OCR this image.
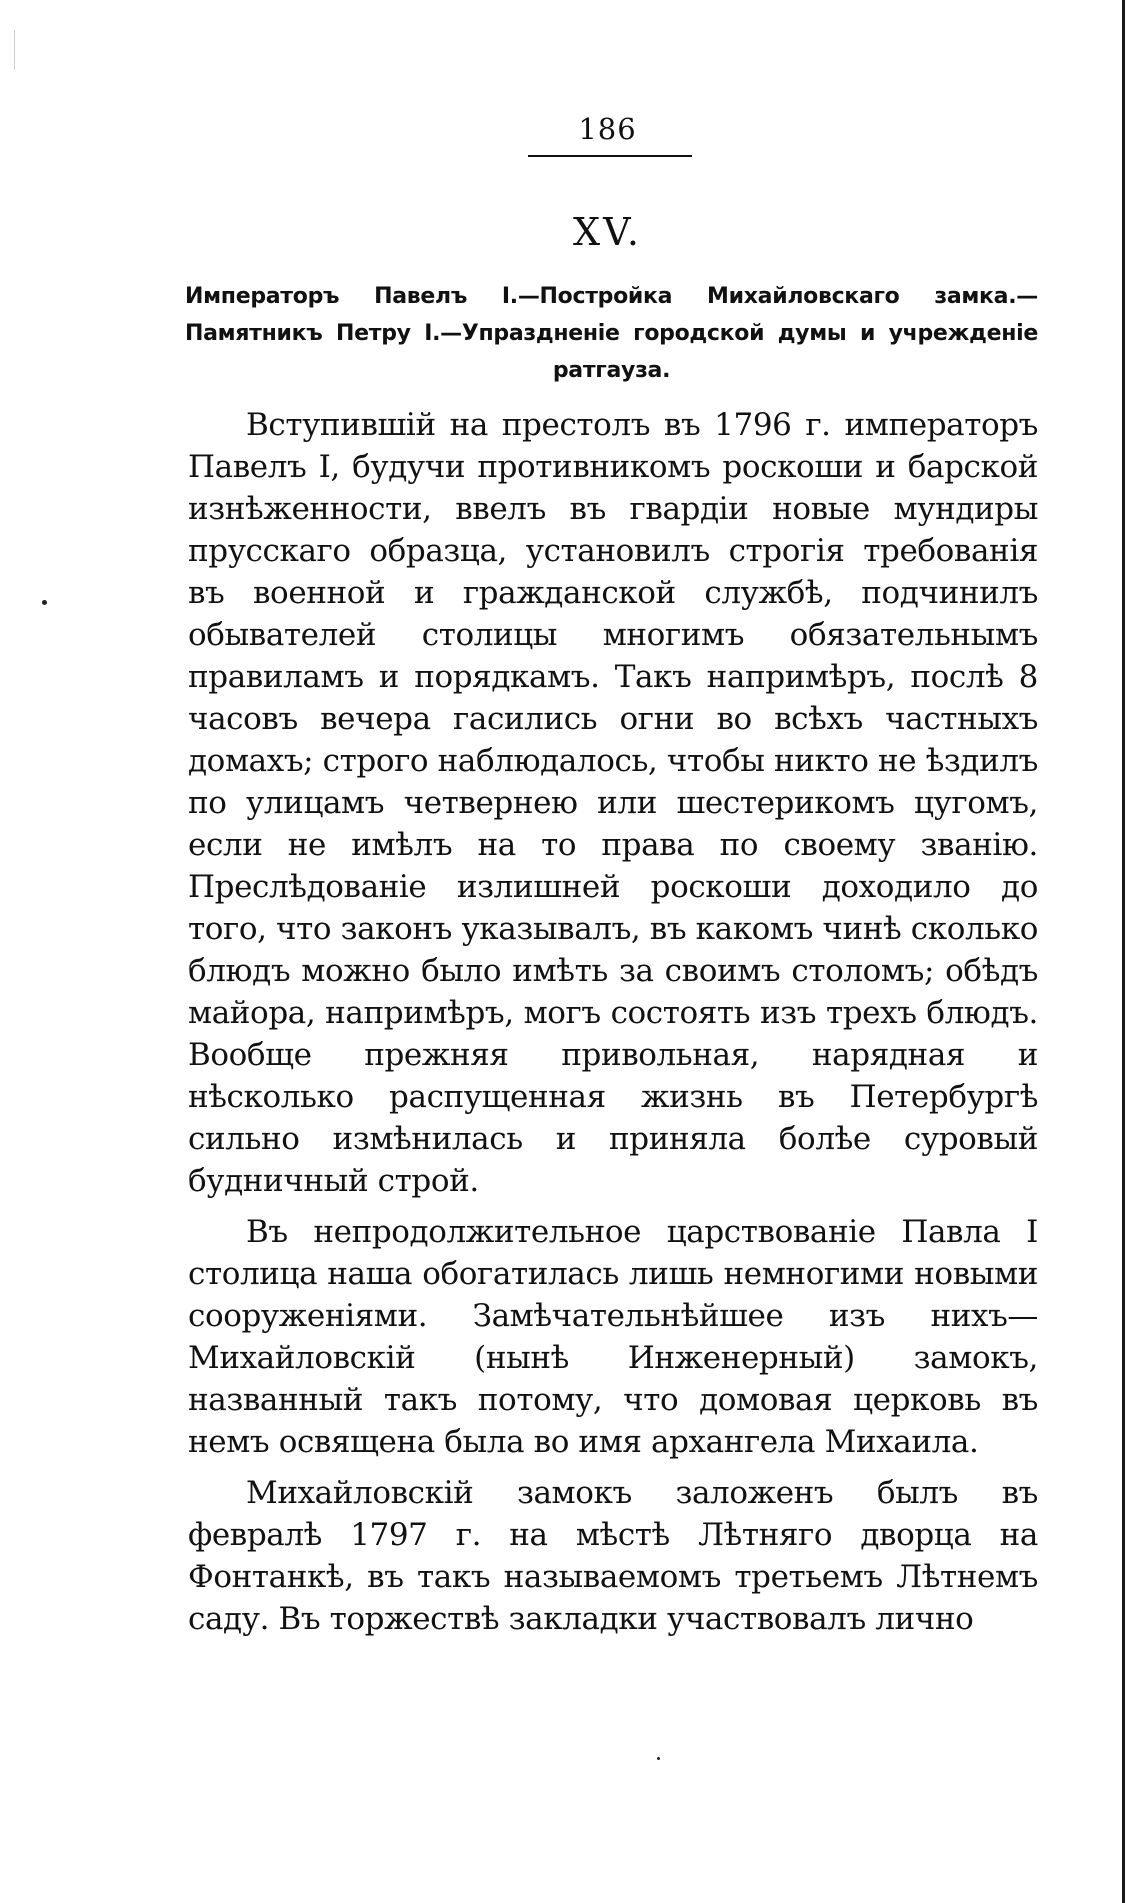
186
XV.
Императоръ Павелъ I.—Постройка Михайловскаго замка.—Памятникъ Петру I.—Упраздненіе городской думы и учрежденіе ратгауза.

Вступившій на престолъ въ 1796 г. императоръ Павелъ I, будучи противникомъ роскоши и барской изнѣженности, ввелъ въ гвардіи новые мундиры прусскаго образца, установилъ строгія требованія въ военной и гражданской службѣ, подчинилъ обывателей столицы многимъ обязательнымъ правиламъ и порядкамъ. Такъ напримѣръ, послѣ 8 часовъ вечера гасились огни во всѣхъ частныхъ домахъ; строго наблюдалось, чтобы никто не ѣздилъ по улицамъ четвернею или шестерикомъ цугомъ, если не имѣлъ на то права по своему званію. Преслѣдованіе излишней роскоши доходило до того, что законъ указывалъ, въ какомъ чинѣ сколько блюдъ можно было имѣть за своимъ столомъ; обѣдъ майора, напримѣръ, могъ состоять изъ трехъ блюдъ. Вообще прежняя привольная, нарядная и нѣсколько распущенная жизнь въ Петербургѣ сильно измѣнилась и приняла болѣе суровый будничный строй.

Въ непродолжительное царствованіе Павла I столица наша обогатилась лишь немногими новыми сооруженіями. Замѣчательнѣйшее изъ нихъ—Михайловскій (нынѣ Инженерный) замокъ, названный такъ потому, что домовая церковь въ немъ освящена была во имя архангела Михаила.

Михайловскій замокъ заложенъ былъ въ февралѣ 1797 г. на мѣстѣ Лѣтняго дворца на Фонтанкѣ, въ такъ называемомъ третьемъ Лѣтнемъ саду. Въ торжествѣ закладки участвовалъ лично
